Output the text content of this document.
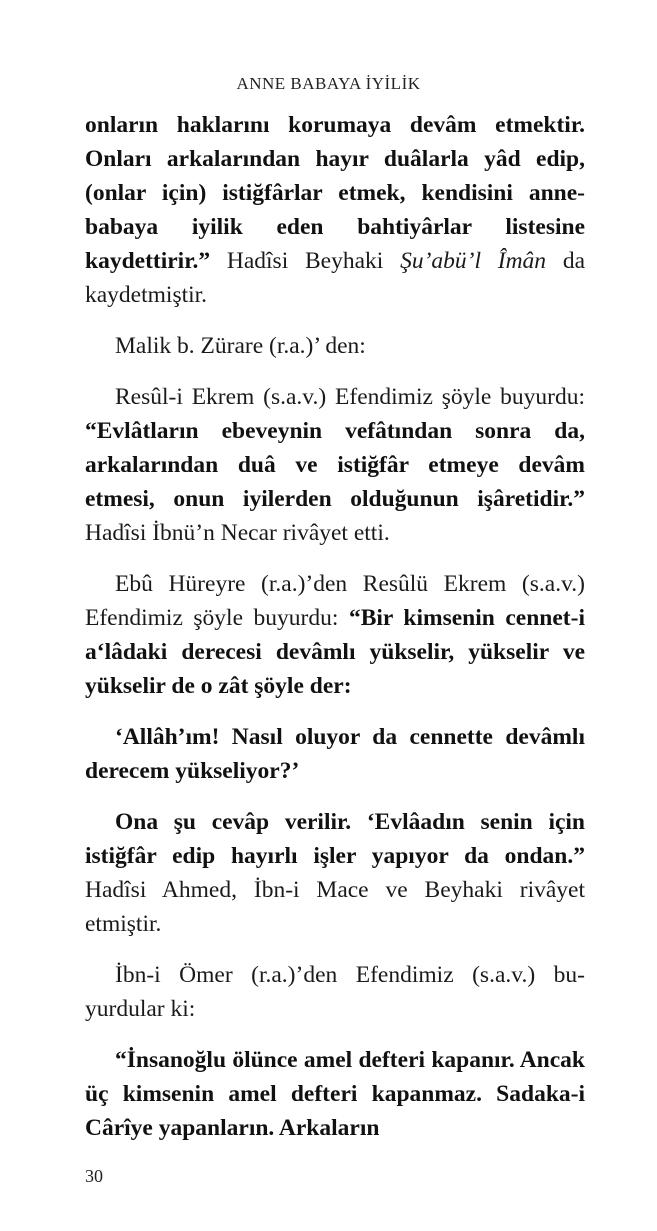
ANNE BABAYA İYİLİK

onların haklarını korumaya devâm etmektir. Onları arkalarından hayır duâlarla yâd edip, (onlar için) istiğfârlar etmek, kendisini anne-babaya iyilik eden bahtiyârlar listesine kaydettirir.” Hadîsi Beyhaki Şu’abü’l Îmân da kaydetmiştir.

Malik b. Zürare (r.a.)’ den:

Resûl-i Ekrem (s.a.v.) Efendimiz şöyle buyurdu: “Evlâtların ebeveynin vefâtından sonra da, arkalarından duâ ve istiğfâr etmeye devâm etmesi, onun iyilerden olduğunun işâretidir.” Hadîsi İbnü’n Necar rivâyet etti.

Ebû Hüreyre (r.a.)’den Resûlü Ekrem (s.a.v.) Efendimiz şöyle buyurdu: “Bir kimsenin cennet-i a‘lâdaki derecesi devâmlı yükselir, yükselir ve yükselir de o zât şöyle der:

‘Allâh’ım! Nasıl oluyor da cennette devâmlı derecem yükseliyor?’

Ona şu cevâp verilir. ‘Evlâadın senin için istiğfâr edip hayırlı işler yapıyor da ondan.” Hadîsi Ahmed, İbn-i Mace ve Beyhaki rivâyet etmiştir.

İbn-i Ömer (r.a.)’den Efendimiz (s.a.v.) buyurdular ki:

“İnsanoğlu ölünce amel defteri kapanır. Ancak üç kimsenin amel defteri kapanmaz. Sadaka-i Cârîye yapanların. Arkaların

30
